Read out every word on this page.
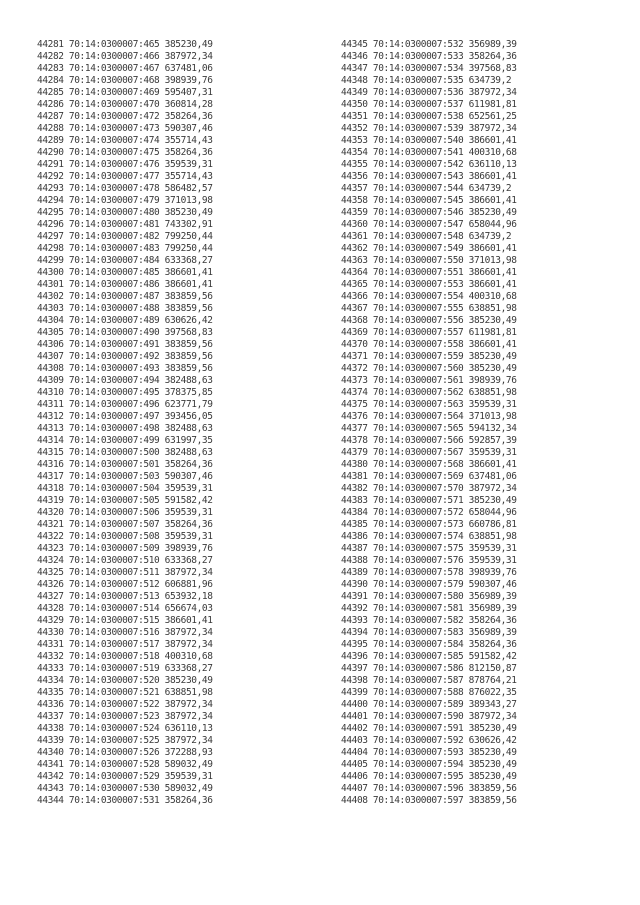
44281 70:14:0300007:465 385230,49
44282 70:14:0300007:466 387972,34
44283 70:14:0300007:467 637481,06
44284 70:14:0300007:468 398939,76
44285 70:14:0300007:469 595407,31
44286 70:14:0300007:470 360814,28
44287 70:14:0300007:472 358264,36
44288 70:14:0300007:473 590307,46
44289 70:14:0300007:474 355714,43
44290 70:14:0300007:475 358264,36
44291 70:14:0300007:476 359539,31
44292 70:14:0300007:477 355714,43
44293 70:14:0300007:478 586482,57
44294 70:14:0300007:479 371013,98
44295 70:14:0300007:480 385230,49
44296 70:14:0300007:481 743302,91
44297 70:14:0300007:482 799250,44
44298 70:14:0300007:483 799250,44
44299 70:14:0300007:484 633368,27
44300 70:14:0300007:485 386601,41
44301 70:14:0300007:486 386601,41
44302 70:14:0300007:487 383859,56
44303 70:14:0300007:488 383859,56
44304 70:14:0300007:489 630626,42
44305 70:14:0300007:490 397568,83
44306 70:14:0300007:491 383859,56
44307 70:14:0300007:492 383859,56
44308 70:14:0300007:493 383859,56
44309 70:14:0300007:494 382488,63
44310 70:14:0300007:495 378375,85
44311 70:14:0300007:496 623771,79
44312 70:14:0300007:497 393456,05
44313 70:14:0300007:498 382488,63
44314 70:14:0300007:499 631997,35
44315 70:14:0300007:500 382488,63
44316 70:14:0300007:501 358264,36
44317 70:14:0300007:503 590307,46
44318 70:14:0300007:504 359539,31
44319 70:14:0300007:505 591582,42
44320 70:14:0300007:506 359539,31
44321 70:14:0300007:507 358264,36
44322 70:14:0300007:508 359539,31
44323 70:14:0300007:509 398939,76
44324 70:14:0300007:510 633368,27
44325 70:14:0300007:511 387972,34
44326 70:14:0300007:512 606881,96
44327 70:14:0300007:513 653932,18
44328 70:14:0300007:514 656674,03
44329 70:14:0300007:515 386601,41
44330 70:14:0300007:516 387972,34
44331 70:14:0300007:517 387972,34
44332 70:14:0300007:518 400310,68
44333 70:14:0300007:519 633368,27
44334 70:14:0300007:520 385230,49
44335 70:14:0300007:521 638851,98
44336 70:14:0300007:522 387972,34
44337 70:14:0300007:523 387972,34
44338 70:14:0300007:524 636110,13
44339 70:14:0300007:525 387972,34
44340 70:14:0300007:526 372288,93
44341 70:14:0300007:528 589032,49
44342 70:14:0300007:529 359539,31
44343 70:14:0300007:530 589032,49
44344 70:14:0300007:531 358264,36
44345 70:14:0300007:532 356989,39
44346 70:14:0300007:533 358264,36
44347 70:14:0300007:534 397568,83
44348 70:14:0300007:535 634739,2
44349 70:14:0300007:536 387972,34
44350 70:14:0300007:537 611981,81
44351 70:14:0300007:538 652561,25
44352 70:14:0300007:539 387972,34
44353 70:14:0300007:540 386601,41
44354 70:14:0300007:541 400310,68
44355 70:14:0300007:542 636110,13
44356 70:14:0300007:543 386601,41
44357 70:14:0300007:544 634739,2
44358 70:14:0300007:545 386601,41
44359 70:14:0300007:546 385230,49
44360 70:14:0300007:547 658044,96
44361 70:14:0300007:548 634739,2
44362 70:14:0300007:549 386601,41
44363 70:14:0300007:550 371013,98
44364 70:14:0300007:551 386601,41
44365 70:14:0300007:553 386601,41
44366 70:14:0300007:554 400310,68
44367 70:14:0300007:555 638851,98
44368 70:14:0300007:556 385230,49
44369 70:14:0300007:557 611981,81
44370 70:14:0300007:558 386601,41
44371 70:14:0300007:559 385230,49
44372 70:14:0300007:560 385230,49
44373 70:14:0300007:561 398939,76
44374 70:14:0300007:562 638851,98
44375 70:14:0300007:563 359539,31
44376 70:14:0300007:564 371013,98
44377 70:14:0300007:565 594132,34
44378 70:14:0300007:566 592857,39
44379 70:14:0300007:567 359539,31
44380 70:14:0300007:568 386601,41
44381 70:14:0300007:569 637481,06
44382 70:14:0300007:570 387972,34
44383 70:14:0300007:571 385230,49
44384 70:14:0300007:572 658044,96
44385 70:14:0300007:573 660786,81
44386 70:14:0300007:574 638851,98
44387 70:14:0300007:575 359539,31
44388 70:14:0300007:576 359539,31
44389 70:14:0300007:578 398939,76
44390 70:14:0300007:579 590307,46
44391 70:14:0300007:580 356989,39
44392 70:14:0300007:581 356989,39
44393 70:14:0300007:582 358264,36
44394 70:14:0300007:583 356989,39
44395 70:14:0300007:584 358264,36
44396 70:14:0300007:585 591582,42
44397 70:14:0300007:586 812150,87
44398 70:14:0300007:587 878764,21
44399 70:14:0300007:588 876022,35
44400 70:14:0300007:589 389343,27
44401 70:14:0300007:590 387972,34
44402 70:14:0300007:591 385230,49
44403 70:14:0300007:592 630626,42
44404 70:14:0300007:593 385230,49
44405 70:14:0300007:594 385230,49
44406 70:14:0300007:595 385230,49
44407 70:14:0300007:596 383859,56
44408 70:14:0300007:597 383859,56
